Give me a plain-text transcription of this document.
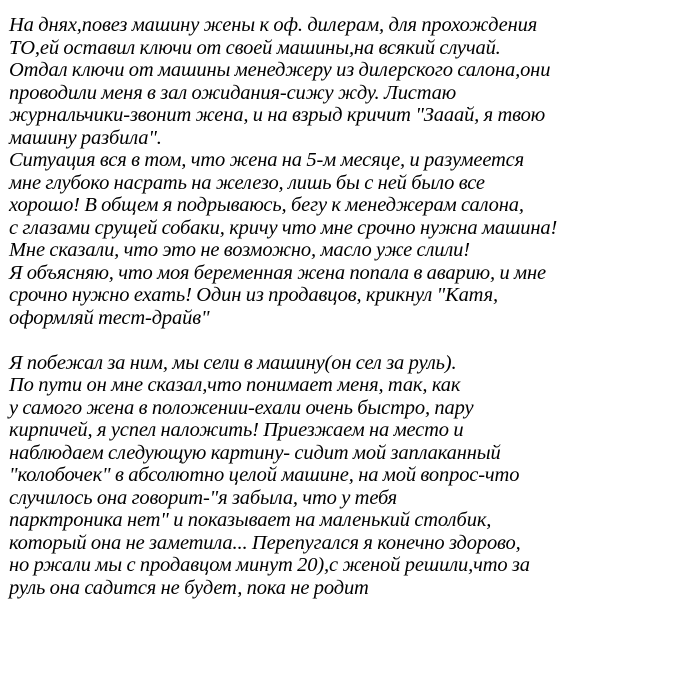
На днях,повез машину жены к оф. дилерам, для прохождения
ТО,ей оставил ключи от своей машины,на всякий случай.
Отдал ключи от машины менеджеру из дилерского салона,они
проводили меня в зал ожидания-сижу жду. Листаю
журнальчики-звонит жена, и на взрыд кричит "Зааай, я твою
машину разбила".
Ситуация вся в том, что жена на 5-м месяце, и разумеется
мне глубоко насрать на железо, лишь бы с ней было все
хорошо! В общем я подрываюсь, бегу к менеджерам салона,
с глазами срущей собаки, кричу что мне срочно нужна машина!
Мне сказали, что это не возможно, масло уже слили!
Я объясняю, что моя беременная жена попала в аварию, и мне
срочно нужно ехать! Один из продавцов, крикнул "Катя,
оформляй тест-драйв"
Я побежал за ним, мы сели в машину(он сел за руль).
По пути он мне сказал,что понимает меня, так, как
у самого жена в положении-ехали очень быстро, пару
кирпичей, я успел наложить! Приезжаем на место и
наблюдаем следующую картину- сидит мой заплаканный
"колобочек" в абсолютно целой машине, на мой вопрос-что
случилось она говорит-"я забыла, что у тебя
парктроника нет" и показывает на маленький столбик,
который она не заметила... Перепугался я конечно здорово,
но ржали мы с продавцом минут 20),с женой решили,что за
руль она садится не будет, пока не родит
